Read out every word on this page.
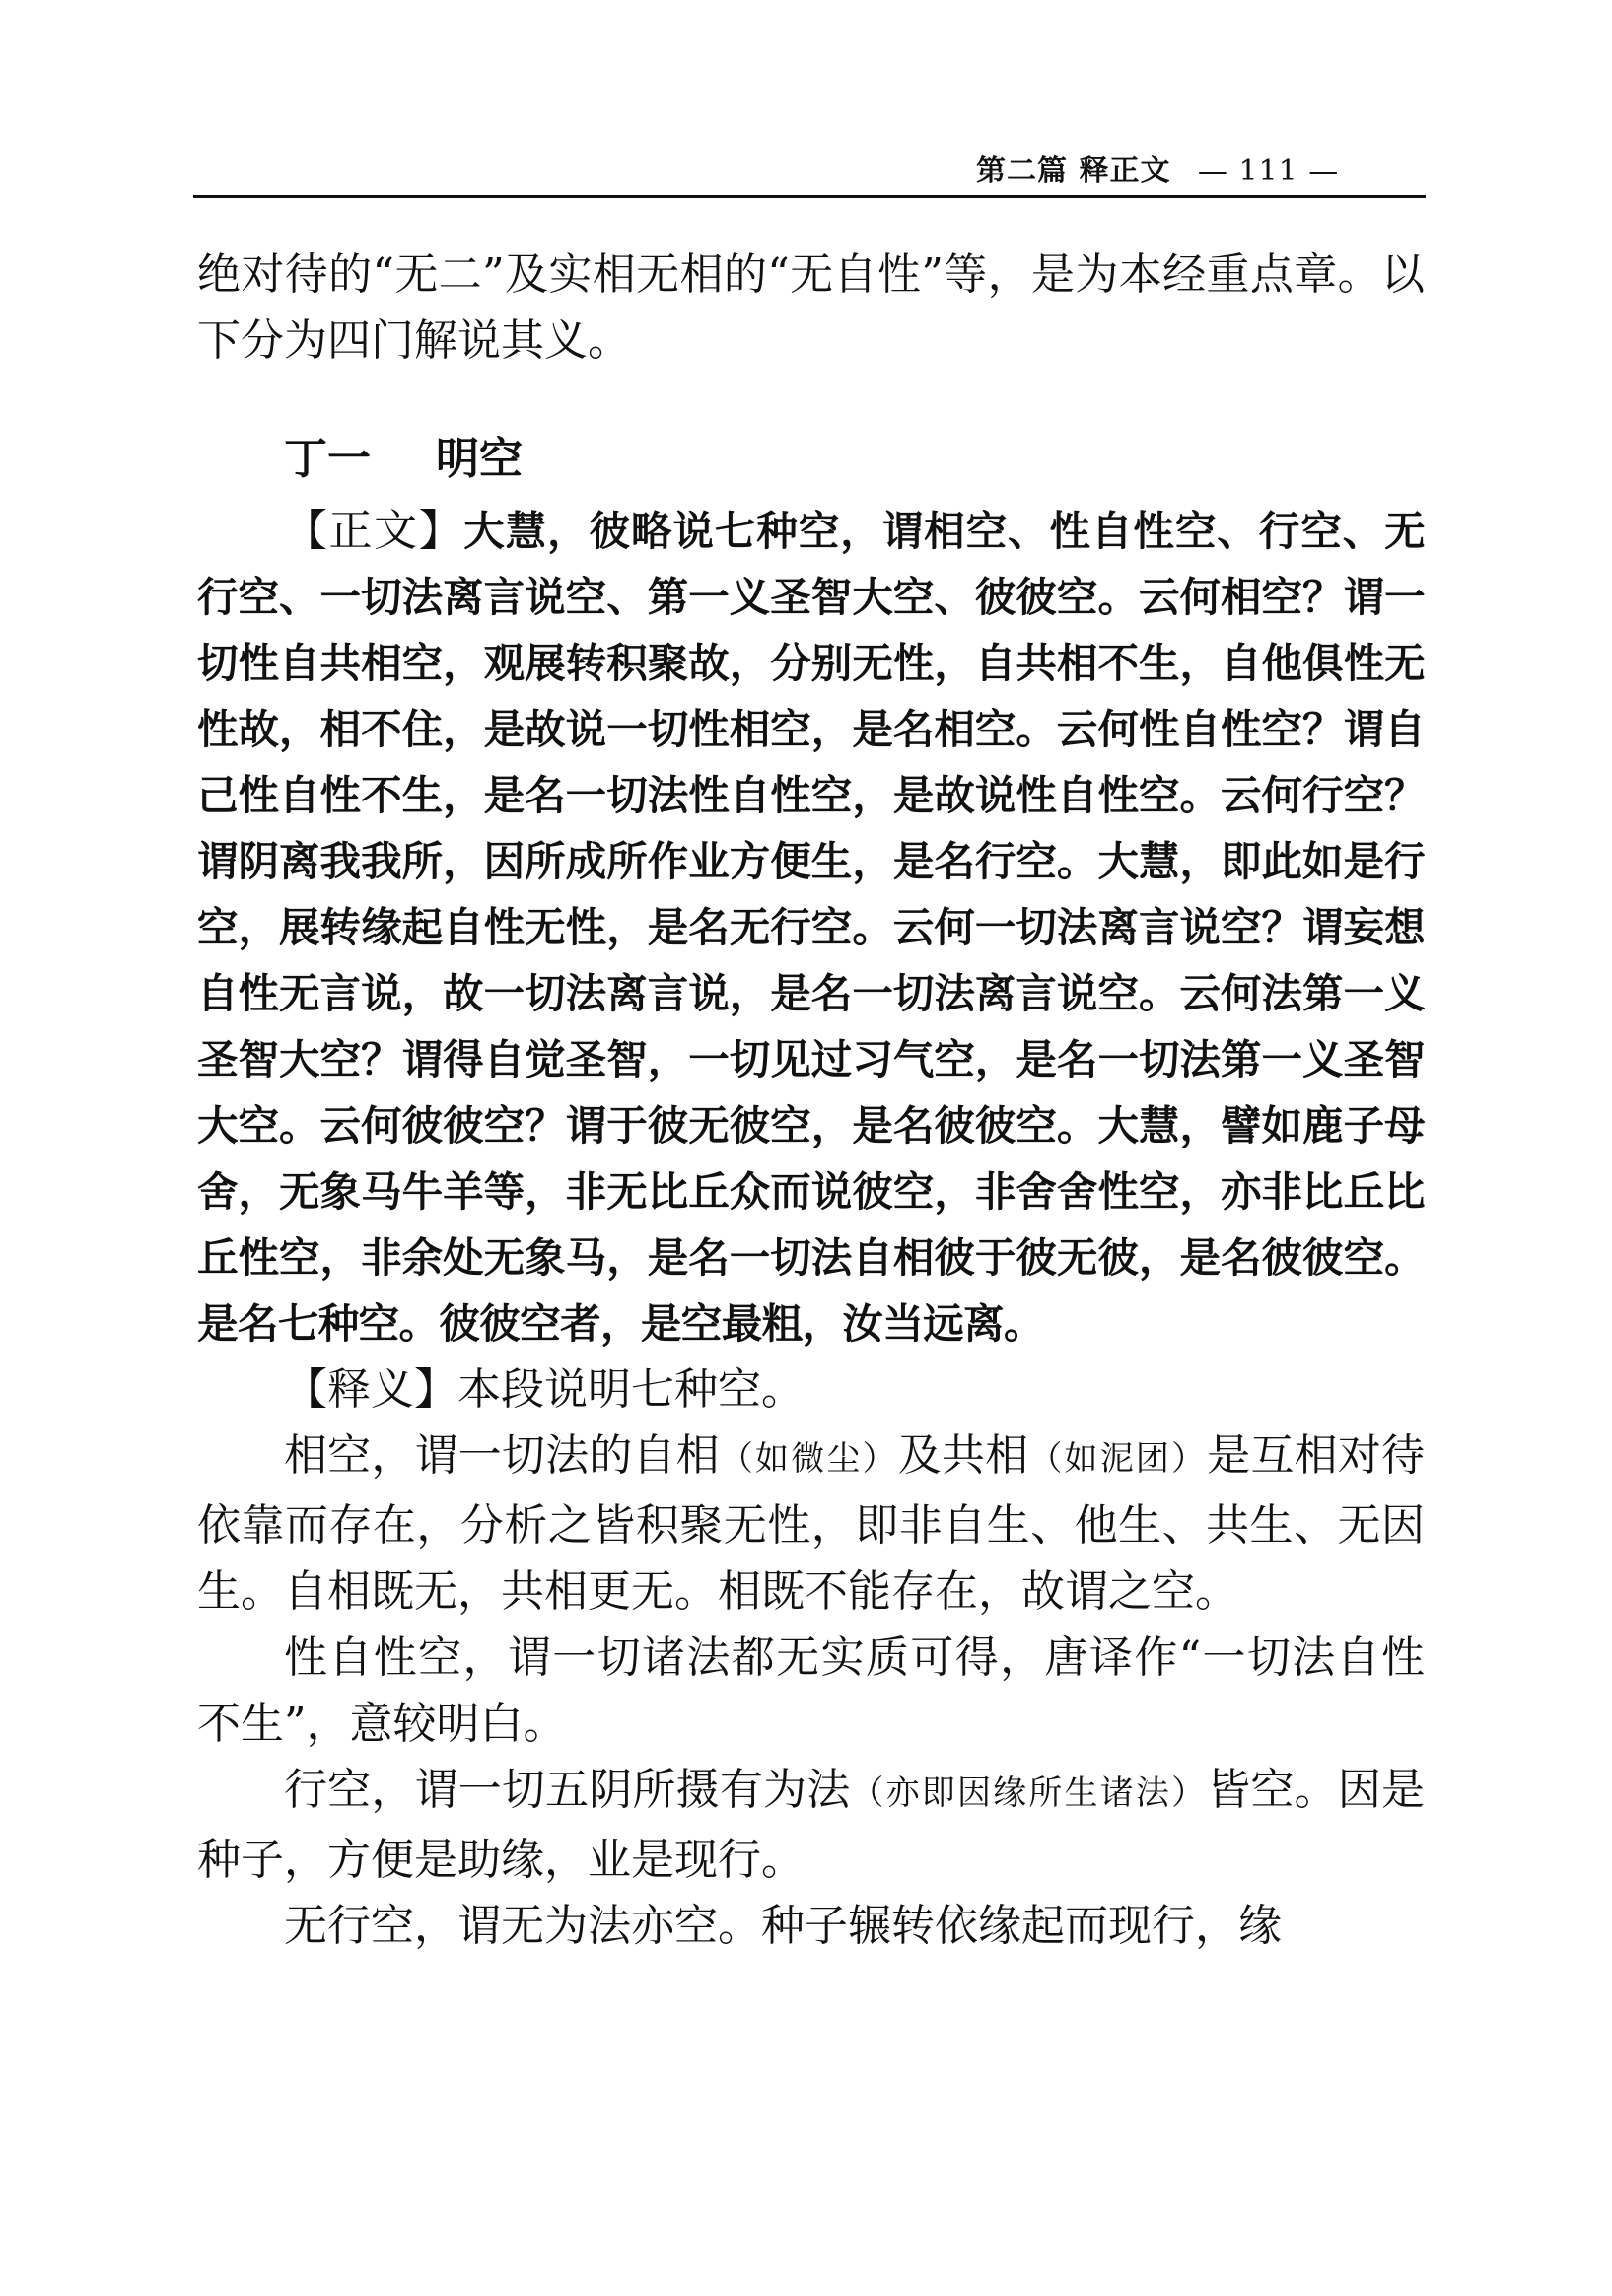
第二篇 释正文 — 111 —

绝对待的“无二”及实相无相的“无自性”等，是为本经重点章。以下分为四门解说其义。

丁一 明空

【正文】大慧，彼略说七种空，谓相空、性自性空、行空、无行空、一切法离言说空、第一义圣智大空、彼彼空。云何相空？谓一切性自共相空，观展转积聚故，分别无性，自共相不生，自他俱性无性故，相不住，是故说一切性相空，是名相空。云何性自性空？谓自己性自性不生，是名一切法性自性空，是故说性自性空。云何行空？谓阴离我我所，因所成所作业方便生，是名行空。大慧，即此如是行空，展转缘起自性无性，是名无行空。云何一切法离言说空？谓妄想自性无言说，故一切法离言说，是名一切法离言说空。云何法第一义圣智大空？谓得自觉圣智，一切见过习气空，是名一切法第一义圣智大空。云何彼彼空？谓于彼无彼空，是名彼彼空。大慧，譬如鹿子母舍，无象马牛羊等，非无比丘众而说彼空，非舍舍性空，亦非比丘比丘性空，非余处无象马，是名一切法自相彼于彼无彼，是名彼彼空。是名七种空。彼彼空者，是空最粗，汝当远离。

【释义】本段说明七种空。

相空，谓一切法的自相（如微尘）及共相（如泥团）是互相对待依靠而存在，分析之皆积聚无性，即非自生、他生、共生、无因生。自相既无，共相更无。相既不能存在，故谓之空。

性自性空，谓一切诸法都无实质可得，唐译作“一切法自性不生”，意较明白。

行空，谓一切五阴所摄有为法（亦即因缘所生诸法）皆空。因是种子，方便是助缘，业是现行。

无行空，谓无为法亦空。种子辗转依缘起而现行，缘
